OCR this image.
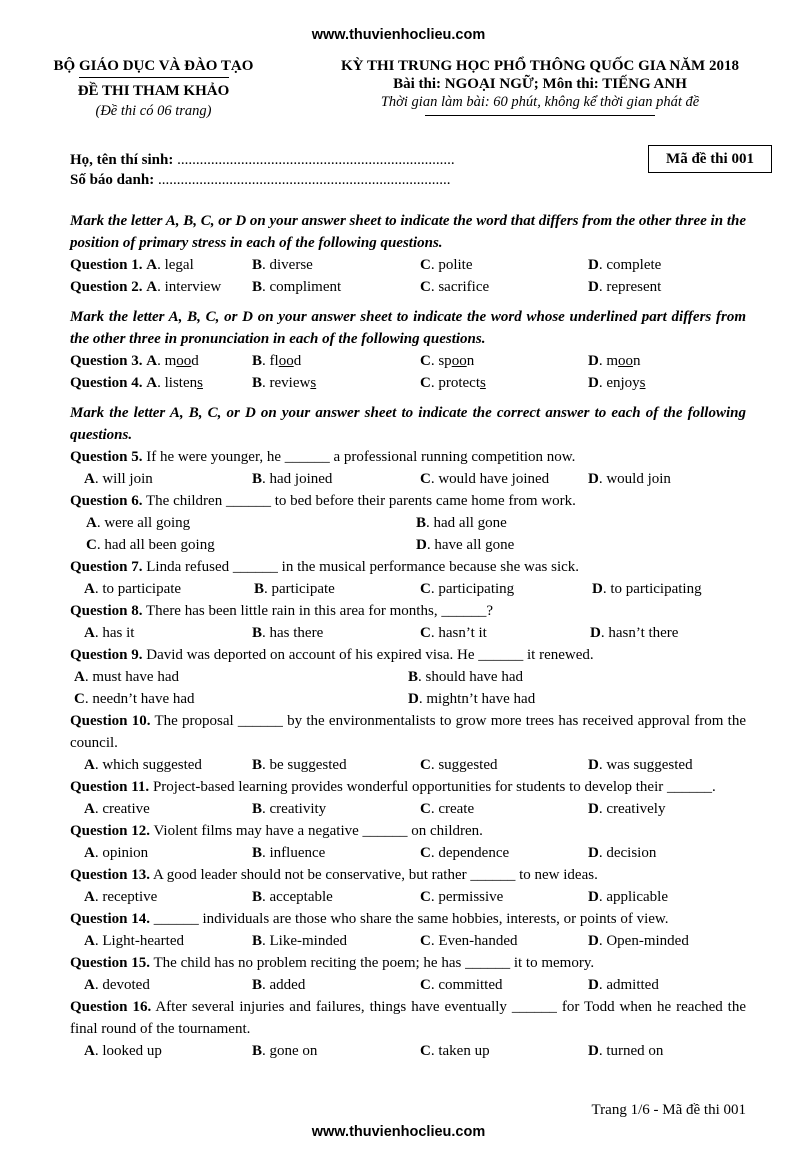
www.thuvienhoclieu.com
BỘ GIÁO DỤC VÀ ĐÀO TẠO
ĐỀ THI THAM KHẢO
(Đề thi có 06 trang)
KỲ THI TRUNG HỌC PHỔ THÔNG QUỐC GIA NĂM 2018
Bài thi: NGOẠI NGỮ; Môn thi: TIẾNG ANH
Thời gian làm bài: 60 phút, không kể thời gian phát đề
Họ, tên thí sinh: ..........................................................................
Số báo danh: ..............................................................................
Mã đề thi 001
Mark the letter A, B, C, or D on your answer sheet to indicate the word that differs from the other three in the position of primary stress in each of the following questions.
Question 1. A. legal	B. diverse	C. polite	D. complete
Question 2. A. interview B. compliment	C. sacrifice	D. represent
Mark the letter A, B, C, or D on your answer sheet to indicate the word whose underlined part differs from the other three in pronunciation in each of the following questions.
Question 3. A. mood	B. flood	C. spoon	D. moon
Question 4. A. listens	B. reviews	C. protects	D. enjoys
Mark the letter A, B, C, or D on your answer sheet to indicate the correct answer to each of the following questions.
Question 5. If he were younger, he ______ a professional running competition now.
A. will join	B. had joined	C. would have joined	D. would join
Question 6. The children ______ to bed before their parents came home from work.
A. were all going	B. had all gone
C. had all been going	D. have all gone
Question 7. Linda refused ______ in the musical performance because she was sick.
A. to participate	B. participate	C. participating	D. to participating
Question 8. There has been little rain in this area for months, ______?
A. has it	B. has there	C. hasn’t it	D. hasn’t there
Question 9. David was deported on account of his expired visa. He ______ it renewed.
A. must have had	B. should have had
C. needn’t have had	D. mightn’t have had
Question 10. The proposal ______ by the environmentalists to grow more trees has received approval from the council.
A. which suggested	B. be suggested	C. suggested	D. was suggested
Question 11. Project-based learning provides wonderful opportunities for students to develop their ______.
A. creative	B. creativity	C. create	D. creatively
Question 12. Violent films may have a negative ______ on children.
A. opinion	B. influence	C. dependence	D. decision
Question 13. A good leader should not be conservative, but rather ______ to new ideas.
A. receptive	B. acceptable	C. permissive	D. applicable
Question 14. ______ individuals are those who share the same hobbies, interests, or points of view.
A. Light-hearted	B. Like-minded	C. Even-handed	D. Open-minded
Question 15. The child has no problem reciting the poem; he has ______ it to memory.
A. devoted	B. added	C. committed	D. admitted
Question 16. After several injuries and failures, things have eventually ______ for Todd when he reached the final round of the tournament.
A. looked up	B. gone on	C. taken up	D. turned on
Trang 1/6 - Mã đề thi 001
www.thuvienhoclieu.com
